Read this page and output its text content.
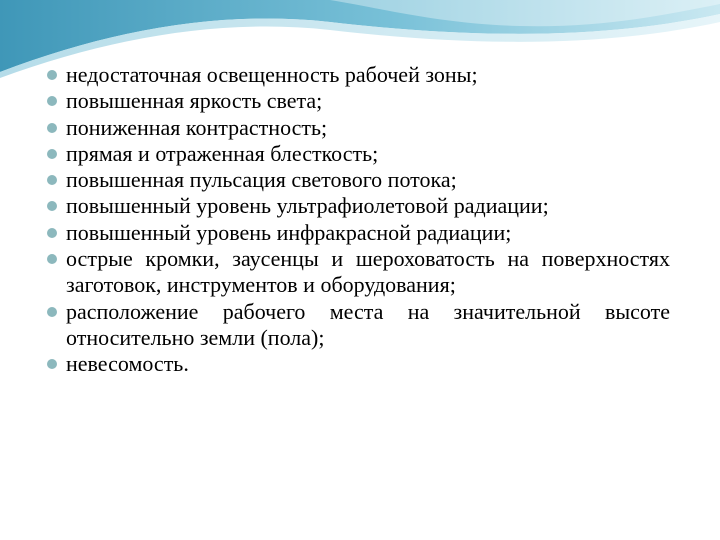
недостаточная освещенность рабочей зоны;
повышенная яркость света;
пониженная контрастность;
прямая и отраженная блесткость;
повышенная пульсация светового потока;
повышенный уровень ультрафиолетовой радиации;
повышенный уровень инфракрасной радиации;
острые кромки, заусенцы и шероховатость на поверхностях заготовок, инструментов и оборудования;
расположение рабочего места на значительной высоте относительно земли (пола);
невесомость.
